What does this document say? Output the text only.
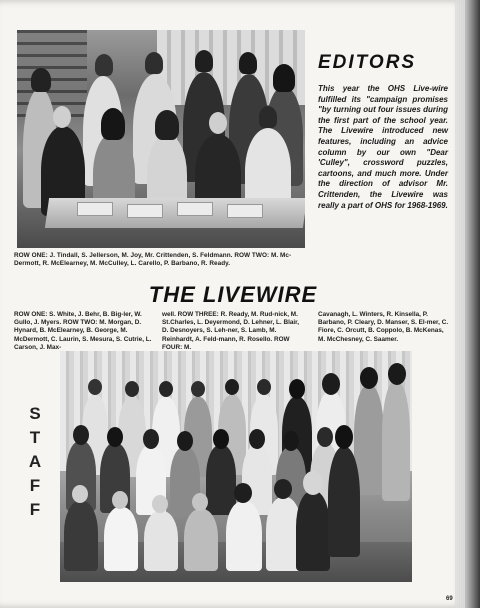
ROW ONE: J. Tindall, S. Jellerson, M. Joy, Mr. Crittenden, S. Feldmann. ROW TWO: M. Mc-Dermott, R. McElearney, M. McCulley, L. Carello, P. Barbano, R. Ready.
EDITORS
This year the OHS Live-wire fulfilled its "campaign promises "by turning out four issues during the first part of the school year. The Livewire introduced new features, including an advice column by our own "Dear 'Culley", crossword puzzles, cartoons, and much more. Under the direction of advisor Mr. Crittenden, the Livewire was really a part of OHS for 1968-1969.
THE LIVEWIRE
ROW ONE: S. White, J. Behr, B. Big-ler, W. Gullo, J. Myers. ROW TWO: M. Morgan, D. Hynard, B. McElearney, B. George, M. McDermott, C. Laurin, S. Mesura, S. Cutrie, L. Carson, J. Max-
well. ROW THREE: R. Ready, M. Rud-nick, M. St.Charles, L. Deyermond, D. Lehner, L. Blair, D. Desnoyers, S. Leh-ner, S. Lamb, M. Reinhardt, A. Feld-mann, R. Rosello. ROW FOUR: M.
Cavanagh, L. Winters, R. Kinsella, P. Barbano, P. Cleary, D. Manser, S. El-mer, C. Fiore, C. Orcutt, B. Coppolo, B. McKenas, M. McChesney, C. Saamer.
S
T
A
F
F
69
